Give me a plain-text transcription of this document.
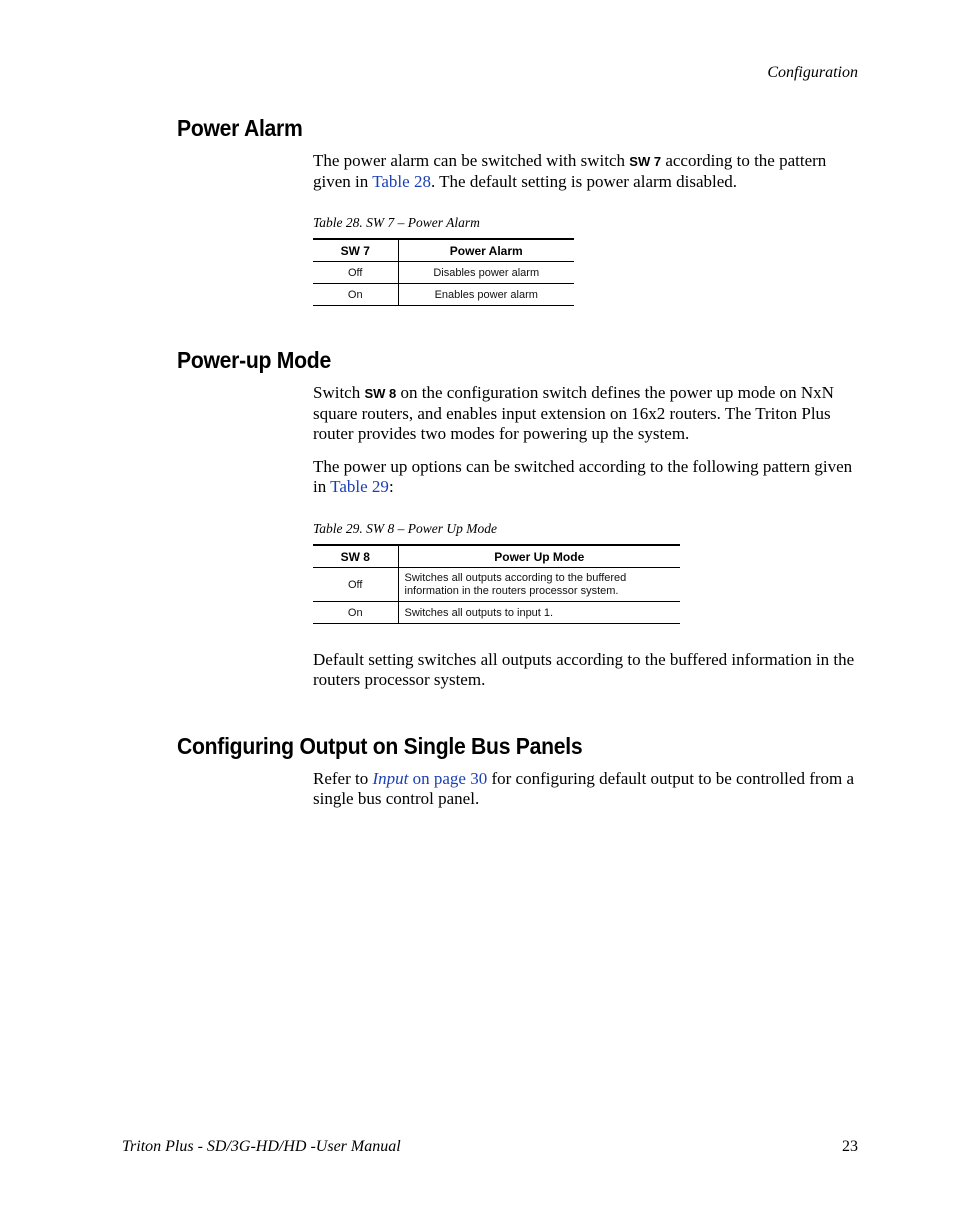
Configuration
Power Alarm

The power alarm can be switched with switch SW 7 according to the pattern given in Table 28. The default setting is power alarm disabled.

Table 28. SW 7 – Power Alarm
SW 7	Power Alarm
Off	Disables power alarm
On	Enables power alarm
Power-up Mode

Switch SW 8 on the configuration switch defines the power up mode on NxN square routers, and enables input extension on 16x2 routers. The Triton Plus router provides two modes for powering up the system.

The power up options can be switched according to the following pattern given in Table 29:

Table 29. SW 8 – Power Up Mode
SW 8	Power Up Mode
Off	Switches all outputs according to the buffered information in the routers processor system.
On	Switches all outputs to input 1.

Default setting switches all outputs according to the buffered information in the routers processor system.

Configuring Output on Single Bus Panels

Refer to Input on page 30 for configuring default output to be controlled from a single bus control panel.

Triton Plus - SD/3G-HD/HD -User Manual	23
